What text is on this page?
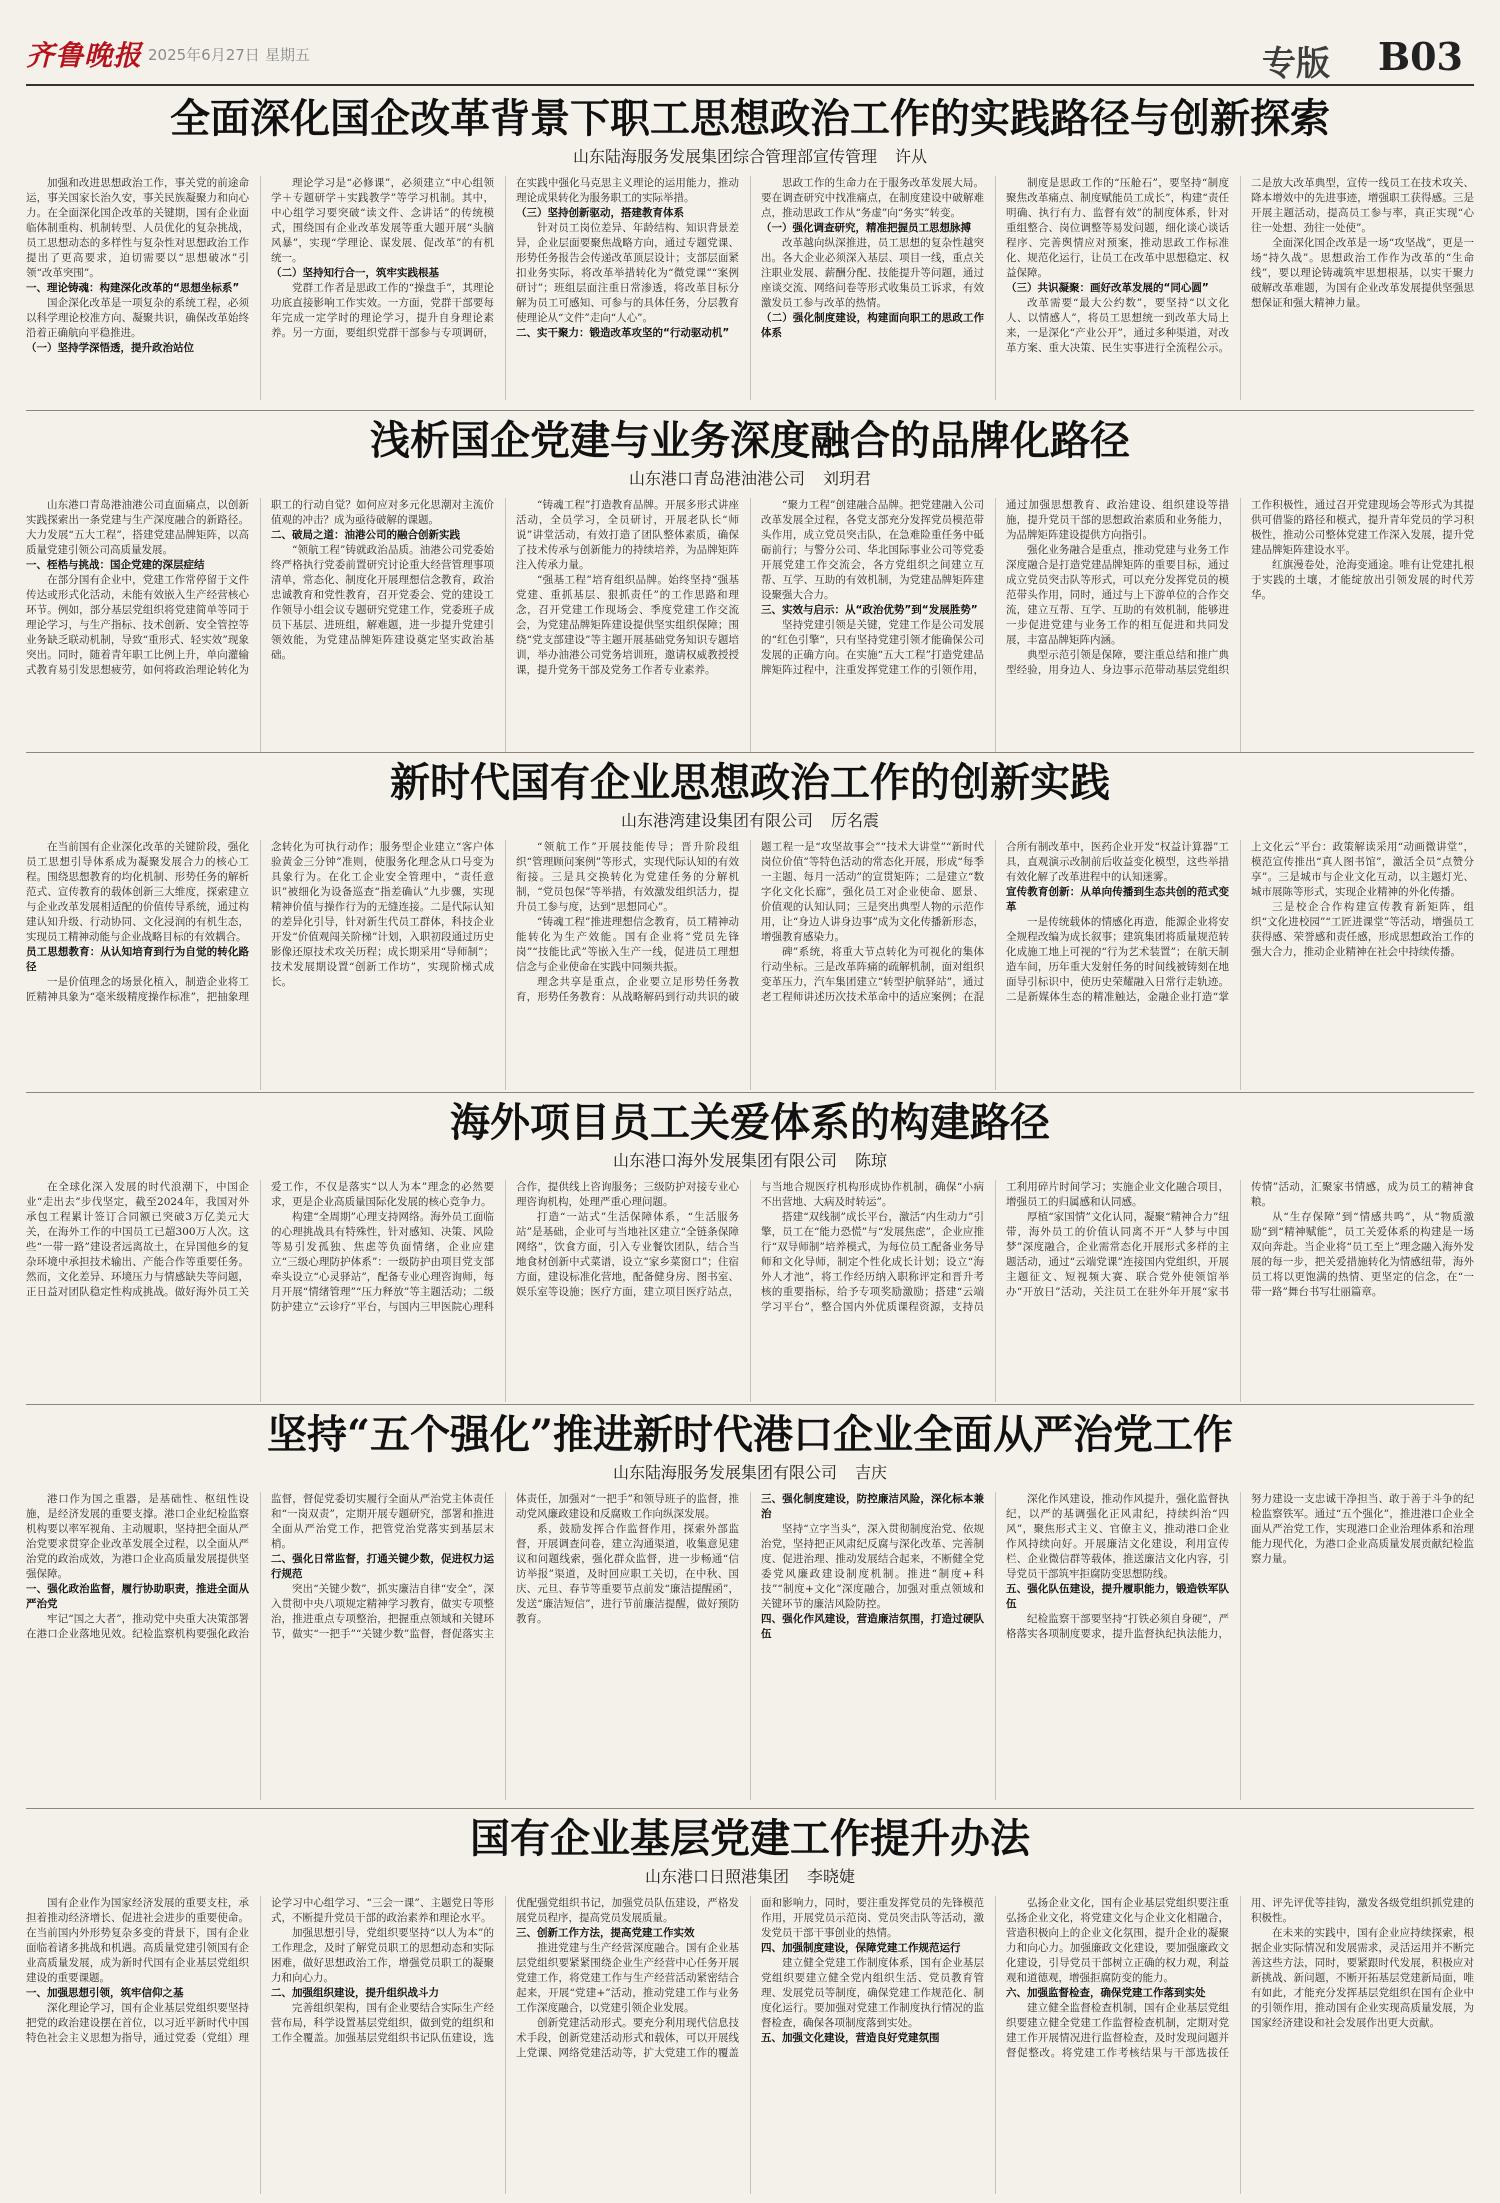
齐鲁晚报 2025年6月27日 星期五	专版 B03
全面深化国企改革背景下职工思想政治工作的实践路径与创新探索
山东陆海服务发展集团综合管理部宣传管理 许从

加强和改进思想政治工作，事关党的前途命运，事关国家长治久安，事关民族凝聚力和向心力。在全面深化国企改革的关键期，国有企业面临体制重构、机制转型、人员优化的复杂挑战，员工思想动态的多样性与复杂性对思想政治工作提出了更高要求，迫切需要以“思想破冰”引领“改革突围”。

一、理论铸魂：构建深化改革的“思想坐标系”

国企深化改革是一项复杂的系统工程，必须以科学理论校准方向、凝聚共识，确保改革始终沿着正确航向平稳推进。

（一）坚持学深悟透，提升政治站位

理论学习是“必修课”，必须建立“中心组领学＋专题研学＋实践教学”等学习机制。其中，中心组学习要突破“读文件、念讲话”的传统模式，围绕国有企业改革发展等重大题开展“头脑风暴”，实现“学理论、谋发展、促改革”的有机统一。

（二）坚持知行合一，筑牢实践根基

党群工作者是思政工作的“操盘手”，其理论功底直接影响工作实效。一方面，党群干部要每年完成一定学时的理论学习，提升自身理论素养。另一方面，要组织党群干部参与专项调研，在实践中强化马克思主义理论的运用能力，推动理论成果转化为服务职工的实际举措。

（三）坚持创新驱动，搭建教育体系

针对员工岗位差异、年龄结构、知识背景差异，企业层面要聚焦战略方向，通过专题党课、形势任务报告会传递改革顶层设计；支部层面紧扣业务实际，将改革举措转化为“微党课”“案例研讨”；班组层面注重日常渗透，将改革目标分解为员工可感知、可参与的具体任务，分层教育使理论从“文件”走向“人心”。

二、实干聚力：锻造改革攻坚的“行动驱动机”

思政工作的生命力在于服务改革发展大局。要在调查研究中找准痛点，在制度建设中破解难点，推动思政工作从“务虚”向“务实”转变。

（一）强化调查研究，精准把握员工思想脉搏

改革越向纵深推进，员工思想的复杂性越突出。各大企业必须深入基层、项目一线，重点关注职业发展、薪酬分配、技能提升等问题，通过座谈交流、网络问卷等形式收集员工诉求，有效激发员工参与改革的热情。

（二）强化制度建设，构建面向职工的思政工作体系

制度是思政工作的“压舱石”，要坚持“制度聚焦改革痛点、制度赋能员工成长”，构建“责任明确、执行有力、监督有效”的制度体系，针对重组整合、岗位调整等易发问题，细化谈心谈话程序、完善舆情应对预案，推动思政工作标准化、规范化运行，让员工在改革中思想稳定、权益保障。

（三）共识凝聚：画好改革发展的“同心圆”

改革需要“最大公约数”，要坚持“以文化人、以情感人”，将员工思想统一到改革大局上来，一是深化“产业公开”，通过多种渠道，对改革方案、重大决策、民生实事进行全流程公示。二是放大改革典型，宣传一线员工在技术攻关、降本增效中的先进事迹，增强职工获得感。三是开展主题活动，提高员工参与率，真正实现“心往一处想、劲往一处使”。

全面深化国企改革是一场“攻坚战”，更是一场“持久战”。思想政治工作作为改革的“生命线”，要以理论铸魂筑牢思想根基，以实干聚力破解改革难题，为国有企业改革发展提供坚强思想保证和强大精神力量。

浅析国企党建与业务深度融合的品牌化路径
山东港口青岛港油港公司 刘玥君

山东港口青岛港油港公司直面痛点，以创新实践探索出一条党建与生产深度融合的新路径。大力发展“五大工程”，搭建党建品牌矩阵，以高质量党建引领公司高质量发展。

一、桎梏与挑战：国企党建的深层症结

在部分国有企业中，党建工作常停留于文件传达或形式化活动，未能有效嵌入生产经营核心环节。例如，部分基层党组织将党建简单等同于理论学习，与生产指标、技术创新、安全管控等业务缺乏联动机制，导致“重形式、轻实效”现象突出。同时，随着青年职工比例上升，单向灌输式教育易引发思想疲劳，如何将政治理论转化为职工的行动自觉？如何应对多元化思潮对主流价值观的冲击？成为亟待破解的课题。

二、破局之道：油港公司的融合创新实践

“领航工程”铸就政治品质。油港公司党委始终严格执行党委前置研究讨论重大经营管理事项清单，常态化、制度化开展理想信念教育，政治忠诚教育和党性教育，召开党委会、党的建设工作领导小组会议专题研究党建工作，党委班子成员下基层、进班组，解难题，进一步提升党建引领效能，为党建品牌矩阵建设奠定坚实政治基础。

“铸魂工程”打造教育品牌。开展多形式讲座活动，全员学习，全员研讨，开展老队长“师说”讲堂活动，有效打造了团队整体素质，确保了技术传承与创新能力的持续培养，为品牌矩阵注入传承力量。

“强基工程”培育组织品牌。始终坚持“强基党建、重抓基层、狠抓责任”的工作思路和理念，召开党建工作现场会、季度党建工作交流会，为党建品牌矩阵建设提供坚实组织保障；围绕“党支部建设”等主题开展基础党务知识专题培训，举办油港公司党务培训班，邀请权威教授授课，提升党务干部及党务工作者专业素养。

“聚力工程”创建融合品牌。把党建融入公司改革发展全过程，各党支部充分发挥党员模范带头作用，成立党员突击队，在急难险重任务中砥砺前行；与警分公司、华北国际事业公司等党委开展党建工作交流会，各方党组织之间建立互帮、互学、互助的有效机制，为党建品牌矩阵建设聚强大合力。

三、实效与启示：从“政治优势”到“发展胜势”

坚持党建引领是关键，党建工作是公司发展的“红色引擎”，只有坚持党建引领才能确保公司发展的正确方向。在实施“五大工程”打造党建品牌矩阵过程中，注重发挥党建工作的引领作用，通过加强思想教育、政治建设、组织建设等措施，提升党员干部的思想政治素质和业务能力，为品牌矩阵建设提供方向指引。

强化业务融合是重点，推动党建与业务工作深度融合是打造党建品牌矩阵的重要目标，通过成立党员突击队等形式，可以充分发挥党员的模范带头作用，同时，通过与上下游单位的合作交流，建立互帮、互学、互助的有效机制，能够进一步促进党建与业务工作的相互促进和共同发展，丰富品牌矩阵内涵。

典型示范引领是保障，要注重总结和推广典型经验，用身边人、身边事示范带动基层党组织工作积极性，通过召开党建现场会等形式为其提供可借鉴的路径和模式，提升青年党员的学习积极性，推动公司整体党建工作深入发展，提升党建品牌矩阵建设水平。

红旗漫卷处，沧海变通途。唯有让党建扎根于实践的土壤，才能绽放出引领发展的时代芳华。

新时代国有企业思想政治工作的创新实践
山东港湾建设集团有限公司 厉名震

在当前国有企业深化改革的关键阶段，强化员工思想引导体系成为凝聚发展合力的核心工程。围绕思想教育的均化机制、形势任务的解析范式、宣传教育的载体创新三大维度，探索建立与企业改革发展相适配的价值传导系统，通过构建认知升级、行动协同、文化浸润的有机生态，实现员工精神动能与企业战略目标的有效耦合。

员工思想教育：从认知培育到行为自觉的转化路径

一是价值理念的场景化植入，制造企业将工匠精神具象为“毫米级精度操作标准”，把抽象理念转化为可执行动作；服务型企业建立“客户体验黄金三分钟”准则，使服务化理念从口号变为具象行为。在化工企业安全管理中，“责任意识”被细化为设备巡查“指差确认”九步骤，实现精神价值与操作行为的无缝连接。二是代际认知的差异化引导，针对新生代员工群体，科技企业开发“价值观闯关阶梯”计划，入职初段通过历史影像还原技术攻关历程；成长期采用“导师制”；技术发展期设置“创新工作坊”，实现阶梯式成长。

“领航工作”开展技能传导；晋升阶段组织“管理顾问案例”等形式，实现代际认知的有效衔接。三是具交换转化为党建任务的分解机制，“党员包保”等举措，有效激发组织活力，提升员工参与度，达到“思想同心”。

“铸魂工程”推进理想信念教育，员工精神动能转化为生产效能。国有企业将“党员先锋岗”“技能比武”等嵌入生产一线，促进员工理想信念与企业使命在实践中同频共振。

理念共享是重点，企业要立足形势任务教育，形势任务教育：从战略解码到行动共识的破题工程一是“攻坚故事会”“技术大讲堂”“新时代岗位价值”等特色活动的常态化开展，形成“每季一主题、每月一活动”的宣贯矩阵；二是建立“数字化文化长廊”，强化员工对企业使命、愿景、价值观的认知认同；三是突出典型人物的示范作用，让“身边人讲身边事”成为文化传播新形态，增强教育感染力。

碑”系统，将重大节点转化为可视化的集体行动坐标。三是改革阵痛的疏解机制，面对组织变革压力，汽车集团建立“转型护航驿站”，通过老工程师讲述历次技术革命中的适应案例；在混合所有制改革中，医药企业开发“权益计算器”工具，直观演示改制前后收益变化模型，这些举措有效化解了改革进程中的认知迷雾。

宣传教育创新：从单向传播到生态共创的范式变革

一是传统载体的情感化再造，能源企业将安全规程改编为成长叙事；建筑集团将质量规范转化成施工地上可视的“行为艺术装置”；在航天制造车间，历年重大发射任务的时间线被铸刻在地面导引标识中，使历史荣耀融入日常行走轨迹。二是新媒体生态的精准触达，金融企业打造“掌上文化云”平台：政策解读采用“动画微讲堂”，模范宣传推出“真人图书馆”，激活全员“点赞分享”。三是城市与企业文化互动，以主题灯光、城市展陈等形式，实现企业精神的外化传播。

三是校企合作构建宣传教育新矩阵，组织“文化进校园”“工匠进课堂”等活动，增强员工获得感、荣誉感和责任感，形成思想政治工作的强大合力，推动企业精神在社会中持续传播。

海外项目员工关爱体系的构建路径
山东港口海外发展集团有限公司 陈琼

在全球化深入发展的时代浪潮下，中国企业“走出去”步伐坚定，截至2024年，我国对外承包工程累计签订合同额已突破3万亿美元大关，在海外工作的中国员工已超300万人次。这些“一带一路”建设者远离故土，在异国他乡的复杂环境中承担技术输出、产能合作等重要任务。然而，文化差异、环境压力与情感缺失等问题，正日益对团队稳定性构成挑战。做好海外员工关爱工作，不仅是落实“以人为本”理念的必然要求，更是企业高质量国际化发展的核心竞争力。

构建“全周期”心理支持网络。海外员工面临的心理挑战具有特殊性，针对感知、决策、风险等易引发孤独、焦虑等负面情绪，企业应建立“三级心理防护体系”：一级防护由项目党支部牵头设立“心灵驿站”，配备专业心理咨询师，每月开展“情绪管理”“压力释放”等主题活动；二级防护建立“云诊疗”平台，与国内三甲医院心理科合作，提供线上咨询服务；三级防护对接专业心理咨询机构，处理严重心理问题。

打造“一站式”生活保障体系，“生活服务站”是基础，企业可与当地社区建立“全链条保障网络”，饮食方面，引入专业餐饮团队，结合当地食材创新中式菜谱，设立“家乡菜窗口”；住宿方面，建设标准化营地，配备健身房、图书室、娱乐室等设施；医疗方面，建立项目医疗站点，与当地合规医疗机构形成协作机制，确保“小病不出营地、大病及时转运”。

搭建“双线制”成长平台，激活“内生动力”引擎，员工在“能力恐慌”与“发展焦虑”，企业应推行“双导师制”培养模式，为每位员工配备业务导师和文化导师，制定个性化成长计划；设立“海外人才池”，将工作经历纳入职称评定和晋升考核的重要指标，给予专项奖励激励；搭建“云端学习平台”，整合国内外优质课程资源，支持员工利用碎片时间学习；实施企业文化融合项目，增强员工的归属感和认同感。

厚植“家国情”文化认同，凝聚“精神合力”纽带，海外员工的价值认同离不开“人梦与中国梦”深度融合，企业需常态化开展形式多样的主题活动，通过“云端党课”连接国内党组织，开展主题征文、短视频大赛、联合党外使领馆举办“开放日”活动，关注员工在驻外年开展“家书传情”活动，汇聚家书情感，成为员工的精神食粮。

从“生存保障”到“情感共鸣”，从“物质激励”到“精神赋能”，员工关爱体系的构建是一场双向奔赴。当企业将“员工至上”理念融入海外发展的每一步，把关爱措施转化为情感纽带，海外员工将以更饱满的热情、更坚定的信念，在“一带一路”舞台书写壮丽篇章。

坚持“五个强化”推进新时代港口企业全面从严治党工作
山东陆海服务发展集团有限公司 吉庆

港口作为国之重器，是基础性、枢纽性设施，是经济发展的重要支撑。港口企业纪检监察机构要以率军视角、主动履职，坚持把全面从严治党要求贯穿企业改革发展全过程，以全面从严治党的政治成效，为港口企业高质量发展提供坚强保障。

一、强化政治监督，履行协助职责，推进全面从严治党

牢记“国之大者”，推动党中央重大决策部署在港口企业落地见效。纪检监察机构要强化政治监督，督促党委切实履行全面从严治党主体责任和“一岗双责”，定期开展专题研究，部署和推进全面从严治党工作，把管党治党落实到基层末梢。

二、强化日常监督，打通关键少数，促进权力运行规范

突出“关键少数”，抓实廉洁自律“安全”，深入贯彻中央八项规定精神学习教育，做实专项整治，推进重点专项整治，把握重点领域和关键环节，做实“一把手”“关键少数”监督，督促落实主体责任，加强对“一把手”和领导班子的监督，推动党风廉政建设和反腐败工作向纵深发展。

系，鼓励发挥合作监督作用，探索外部监督，开展调查问卷，建立沟通渠道，收集意见建议和问题线索，强化群众监督，进一步畅通“信访举报”渠道，及时回应职工关切，在中秋、国庆、元旦、春节等重要节点前发“廉洁提醒函”，发送“廉洁短信”，进行节前廉洁提醒，做好预防教育。

三、强化制度建设，防控廉洁风险，深化标本兼治

坚持“立字当头”，深入贯彻制度治党、依规治党，坚持把正风肃纪反腐与深化改革、完善制度、促进治理、推动发展结合起来，不断健全党委党风廉政建设制度机制。推进“制度+科技”“制度+文化”深度融合，加强对重点领域和关键环节的廉洁风险防控。

四、强化作风建设，营造廉洁氛围，打造过硬队伍

深化作风建设，推动作风提升，强化监督执纪，以严的基调强化正风肃纪，持续纠治“四风”，聚焦形式主义、官僚主义，推动港口企业作风持续向好。开展廉洁文化建设，利用宣传栏、企业微信群等载体，推送廉洁文化内容，引导党员干部筑牢拒腐防变思想防线。

五、强化队伍建设，提升履职能力，锻造铁军队伍

纪检监察干部要坚持“打铁必须自身硬”，严格落实各项制度要求，提升监督执纪执法能力，努力建设一支忠诚干净担当、敢于善于斗争的纪检监察铁军。通过“五个强化”，推进港口企业全面从严治党工作，实现港口企业治理体系和治理能力现代化，为港口企业高质量发展贡献纪检监察力量。

国有企业基层党建工作提升办法
山东港口日照港集团 李晓婕

国有企业作为国家经济发展的重要支柱，承担着推动经济增长、促进社会进步的重要使命。在当前国内外形势复杂多变的背景下，国有企业面临着诸多挑战和机遇。高质量党建引领国有企业高质量发展，成为新时代国有企业基层党组织建设的重要课题。

一、加强思想引领，筑牢信仰之基

深化理论学习，国有企业基层党组织要坚持把党的政治建设摆在首位，以习近平新时代中国特色社会主义思想为指导，通过党委（党组）理论学习中心组学习、“三会一课”、主题党日等形式，不断提升党员干部的政治素养和理论水平。

加强思想引导，党组织要坚持“以人为本”的工作理念，及时了解党员职工的思想动态和实际困难，做好思想政治工作，增强党员职工的凝聚力和向心力。

二、加强组织建设，提升组织战斗力

完善组织架构，国有企业要结合实际生产经营布局，科学设置基层党组织，做到党的组织和工作全覆盖。加强基层党组织书记队伍建设，选优配强党组织书记，加强党员队伍建设，严格发展党员程序，提高党员发展质量。

三、创新工作方法，提高党建工作实效

推进党建与生产经营深度融合。国有企业基层党组织要紧紧围绕企业生产经营中心任务开展党建工作，将党建工作与生产经营活动紧密结合起来，开展“党建+”活动，推动党建工作与业务工作深度融合，以党建引领企业发展。

创新党建活动形式。要充分利用现代信息技术手段，创新党建活动形式和载体，可以开展线上党课、网络党建活动等，扩大党建工作的覆盖面和影响力，同时，要注重发挥党员的先锋模范作用，开展党员示范岗、党员突击队等活动，激发党员干部干事创业的热情。

四、加强制度建设，保障党建工作规范运行

建立健全党建工作制度体系，国有企业基层党组织要建立健全党内组织生活、党员教育管理、发展党员等制度，确保党建工作规范化、制度化运行。要加强对党建工作制度执行情况的监督检查，确保各项制度落到实处。

五、加强文化建设，营造良好党建氛围

弘扬企业文化，国有企业基层党组织要注重弘扬企业文化，将党建文化与企业文化相融合，营造积极向上的企业文化氛围，提升企业的凝聚力和向心力。加强廉政文化建设，要加强廉政文化建设，引导党员干部树立正确的权力观，利益观和道德观，增强拒腐防变的能力。

六、加强监督检查，确保党建工作落到实处

建立健全监督检查机制，国有企业基层党组织要建立健全党建工作监督检查机制，定期对党建工作开展情况进行监督检查，及时发现问题并督促整改。将党建工作考核结果与干部选拔任用、评先评优等挂钩，激发各级党组织抓党建的积极性。

在未来的实践中，国有企业应持续探索，根据企业实际情况和发展需求，灵活运用并不断完善这些方法，同时，要紧跟时代发展，积极应对新挑战、新问题，不断开拓基层党建新局面，唯有如此，才能充分发挥基层党组织在国有企业中的引领作用，推动国有企业实现高质量发展，为国家经济建设和社会发展作出更大贡献。
